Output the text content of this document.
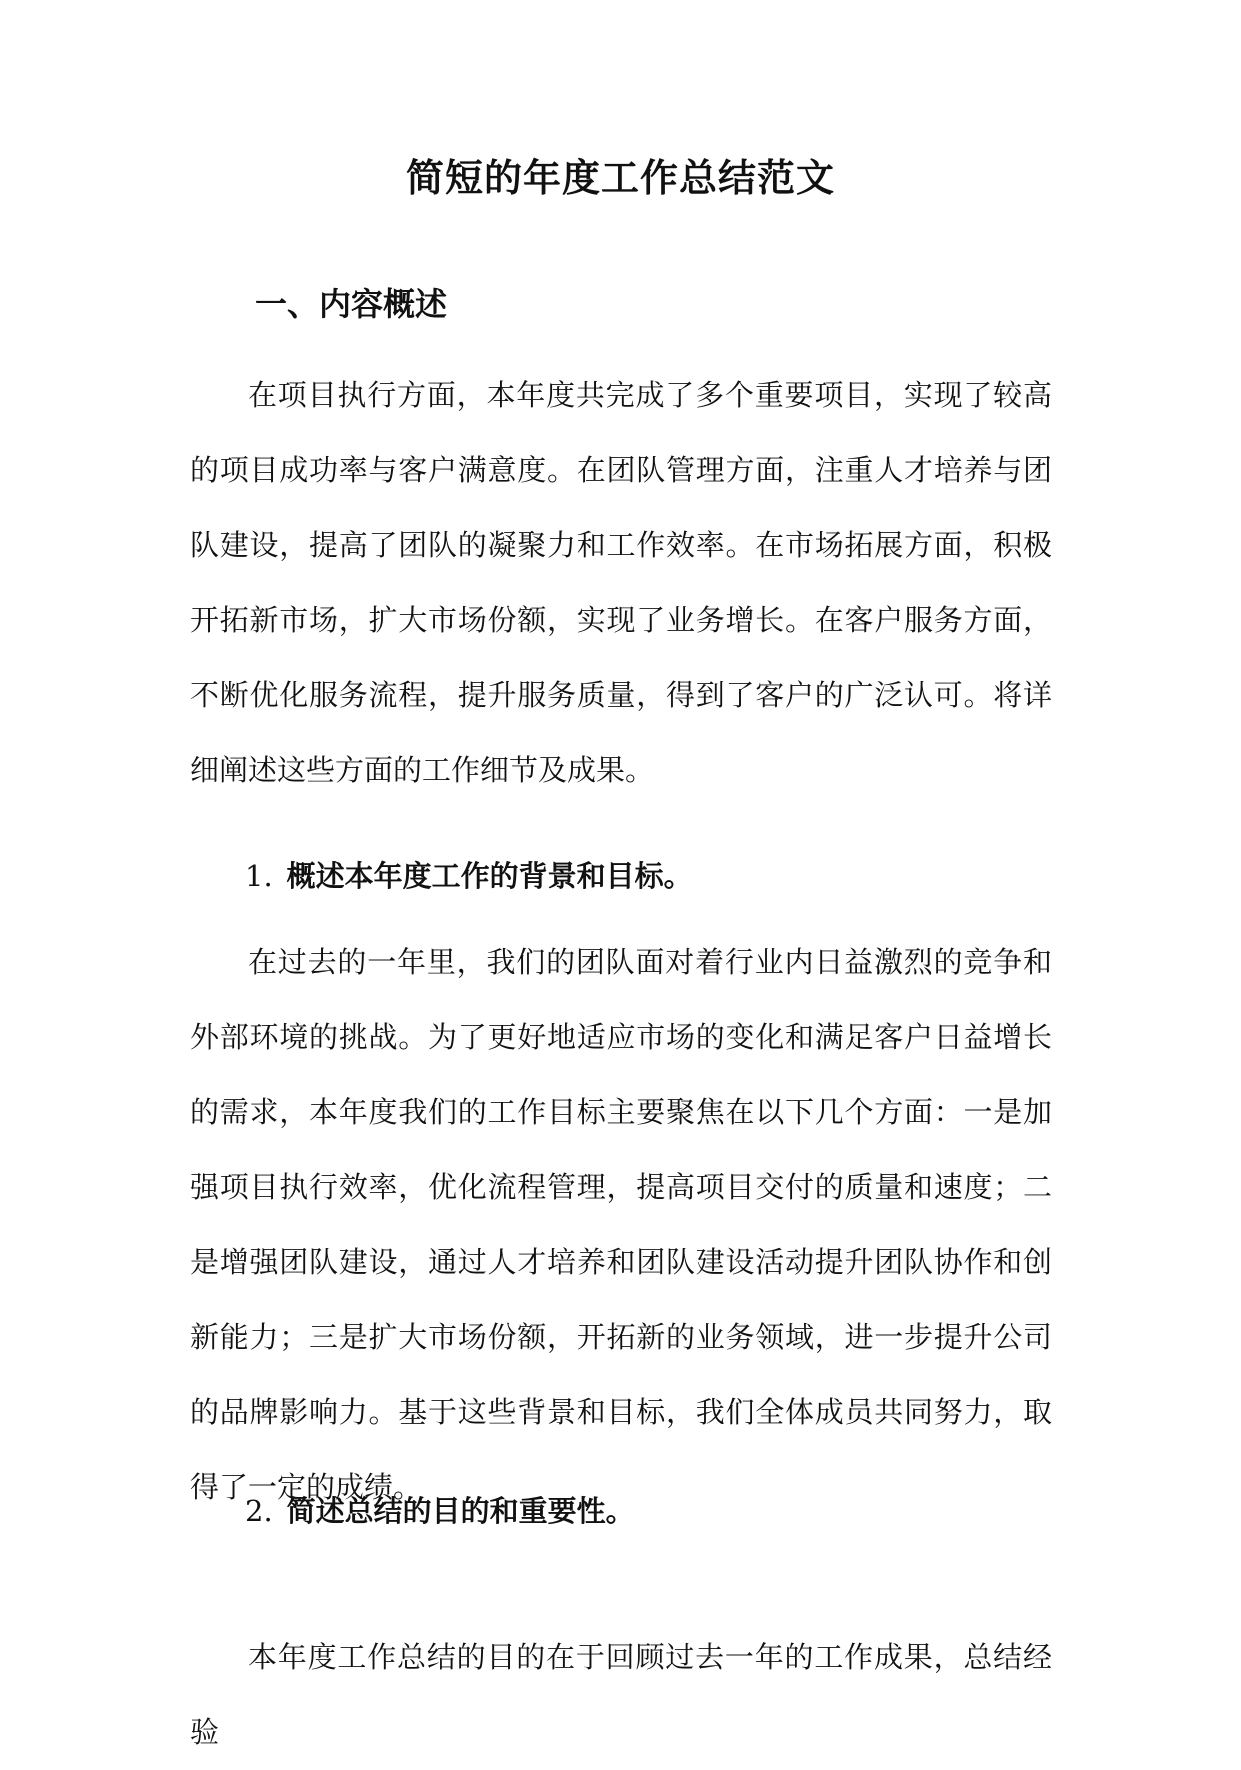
简短的年度工作总结范文
一、内容概述

在项目执行方面，本年度共完成了多个重要项目，实现了较高的项目成功率与客户满意度。在团队管理方面，注重人才培养与团队建设，提高了团队的凝聚力和工作效率。在市场拓展方面，积极开拓新市场，扩大市场份额，实现了业务增长。在客户服务方面，不断优化服务流程，提升服务质量，得到了客户的广泛认可。将详细阐述这些方面的工作细节及成果。

1. 概述本年度工作的背景和目标。

在过去的一年里，我们的团队面对着行业内日益激烈的竞争和外部环境的挑战。为了更好地适应市场的变化和满足客户日益增长的需求，本年度我们的工作目标主要聚焦在以下几个方面：一是加强项目执行效率，优化流程管理，提高项目交付的质量和速度；二是增强团队建设，通过人才培养和团队建设活动提升团队协作和创新能力；三是扩大市场份额，开拓新的业务领域，进一步提升公司的品牌影响力。基于这些背景和目标，我们全体成员共同努力，取得了一定的成绩。

2. 简述总结的目的和重要性。

本年度工作总结的目的在于回顾过去一年的工作成果，总结经验
